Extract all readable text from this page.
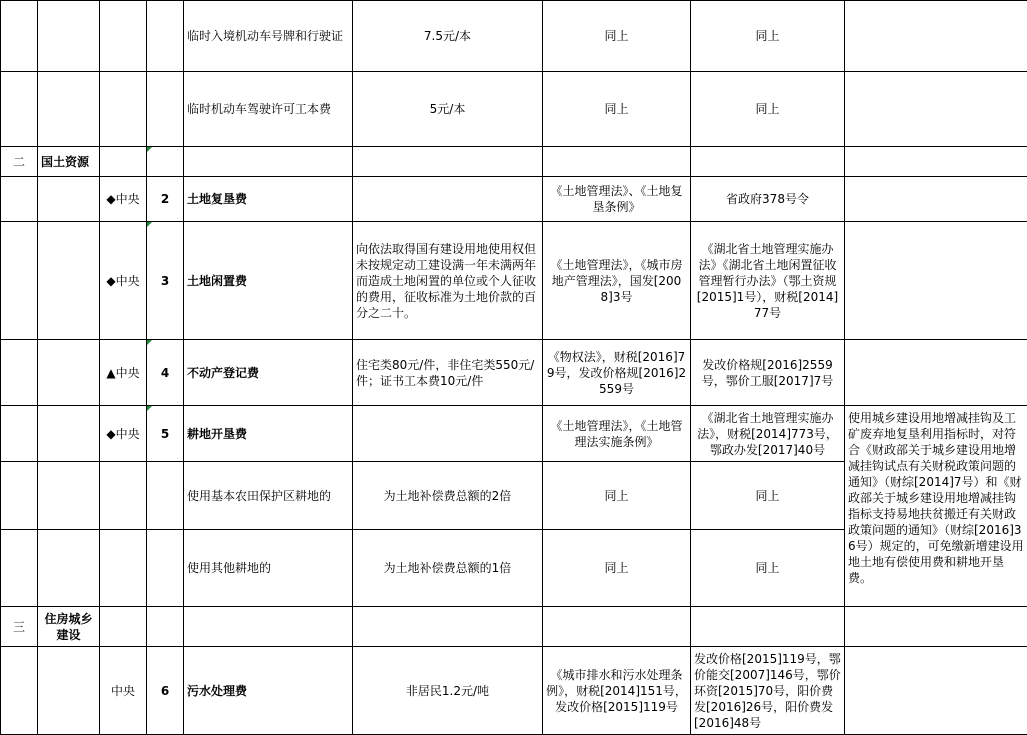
				临时入境机动车号牌和行驶证	7.5元/本	同上	同上	
				临时机动车驾驶许可工本费	5元/本	同上	同上	
二	国土资源							
		◆中央	2	土地复垦费		《土地管理法》、《土地复垦条例》	省政府378号令	
		◆中央	3	土地闲置费	向依法取得国有建设用地使用权但未按规定动工建设满一年未满两年而造成土地闲置的单位或个人征收的费用，征收标准为土地价款的百分之二十。	《土地管理法》，《城市房地产管理法》，国发[2008]3号	《湖北省土地管理实施办法》《湖北省土地闲置征收管理暂行办法》（鄂土资规[2015]1号），财税[2014]77号	
		▲中央	4	不动产登记费	住宅类80元/件，非住宅类550元/件；证书工本费10元/件	《物权法》，财税[2016]79号，发改价格规[2016]2559号	发改价格规[2016]2559号，鄂价工服[2017]7号	
		◆中央	5	耕地开垦费		《土地管理法》，《土地管理法实施条例》	《湖北省土地管理实施办法》，财税[2014]773号，鄂政办发[2017]40号	使用城乡建设用地增减挂钩及工矿废弃地复垦利用指标时，对符合《财政部关于城乡建设用地增减挂钩试点有关财税政策问题的通知》（财综[2014]7号）和《财政部关于城乡建设用地增减挂钩指标支持易地扶贫搬迁有关财政政策问题的通知》（财综[2016]36号）规定的，可免缴新增建设用地土地有偿使用费和耕地开垦费。
				使用基本农田保护区耕地的	为土地补偿费总额的2倍	同上	同上	
				使用其他耕地的	为土地补偿费总额的1倍	同上	同上	
三	住房城乡建设							
		中央	6	污水处理费	非居民1.2元/吨	《城市排水和污水处理条例》，财税[2014]151号，发改价格[2015]119号	发改价格[2015]119号，鄂价能交[2007]146号，鄂价环资[2015]70号，阳价费发[2016]26号，阳价费发 [2016]48号	
